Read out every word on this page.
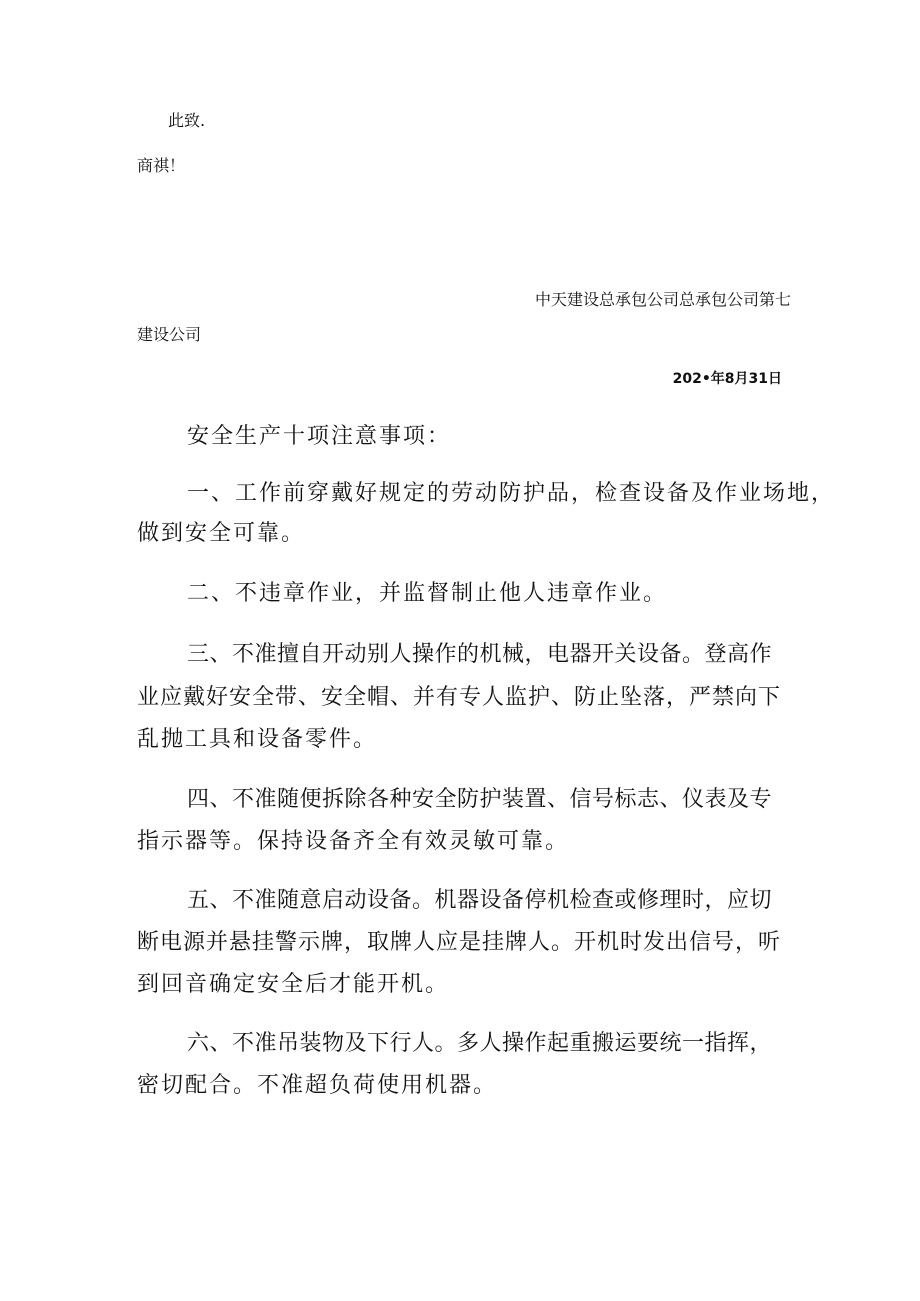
此致.
商祺！
中天建设总承包公司总承包公司第七
建设公司
202•年8月31日
安全生产十项注意事项：
一、工作前穿戴好规定的劳动防护品，检查设备及作业场地，
做到安全可靠。
二、不违章作业，并监督制止他人违章作业。
三、不准擅自开动别人操作的机械，电器开关设备。登高作
业应戴好安全带、安全帽、并有专人监护、防止坠落，严禁向下
乱抛工具和设备零件。
四、不准随便拆除各种安全防护装置、信号标志、仪表及专
指示器等。保持设备齐全有效灵敏可靠。
五、不准随意启动设备。机器设备停机检查或修理时，应切
断电源并悬挂警示牌，取牌人应是挂牌人。开机时发出信号，听
到回音确定安全后才能开机。
六、不准吊装物及下行人。多人操作起重搬运要统一指挥，
密切配合。不准超负荷使用机器。
